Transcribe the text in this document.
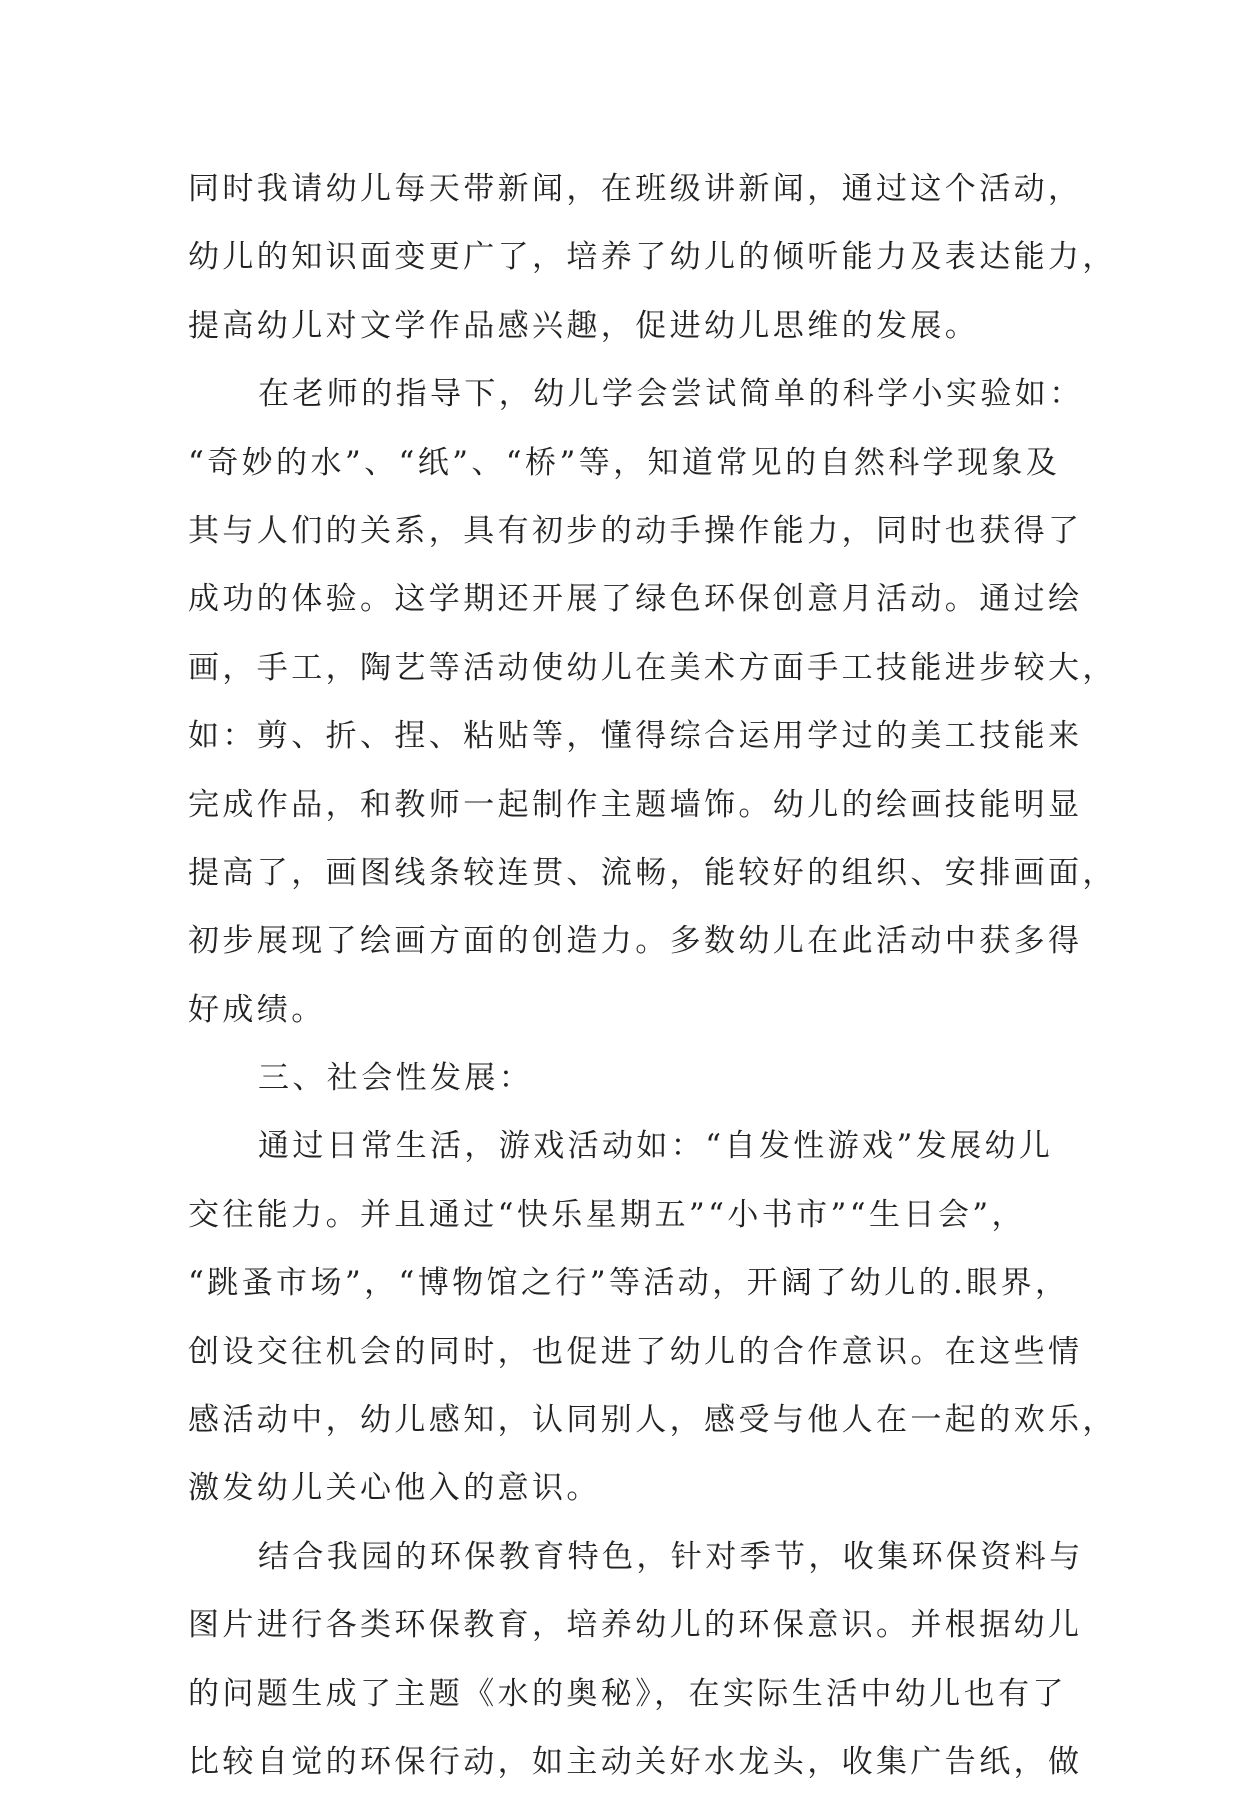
同时我请幼儿每天带新闻，在班级讲新闻，通过这个活动，
幼儿的知识面变更广了，培养了幼儿的倾听能力及表达能力，
提高幼儿对文学作品感兴趣，促进幼儿思维的发展。
在老师的指导下，幼儿学会尝试简单的科学小实验如：
“奇妙的水”、“纸”、“桥”等，知道常见的自然科学现象及
其与人们的关系，具有初步的动手操作能力，同时也获得了
成功的体验。这学期还开展了绿色环保创意月活动。通过绘
画，手工，陶艺等活动使幼儿在美术方面手工技能进步较大，
如：剪、折、捏、粘贴等，懂得综合运用学过的美工技能来
完成作品，和教师一起制作主题墙饰。幼儿的绘画技能明显
提高了，画图线条较连贯、流畅，能较好的组织、安排画面，
初步展现了绘画方面的创造力。多数幼儿在此活动中获多得
好成绩。
三、社会性发展：
通过日常生活，游戏活动如：“自发性游戏”发展幼儿
交往能力。并且通过“快乐星期五”“小书市”“生日会”，
“跳蚤市场”，“博物馆之行”等活动，开阔了幼儿的.眼界，
创设交往机会的同时，也促进了幼儿的合作意识。在这些情
感活动中，幼儿感知，认同别人，感受与他人在一起的欢乐，
激发幼儿关心他入的意识。
结合我园的环保教育特色，针对季节，收集环保资料与
图片进行各类环保教育，培养幼儿的环保意识。并根据幼儿
的问题生成了主题《水的奥秘》，在实际生活中幼儿也有了
比较自觉的环保行动，如主动关好水龙头，收集广告纸，做
